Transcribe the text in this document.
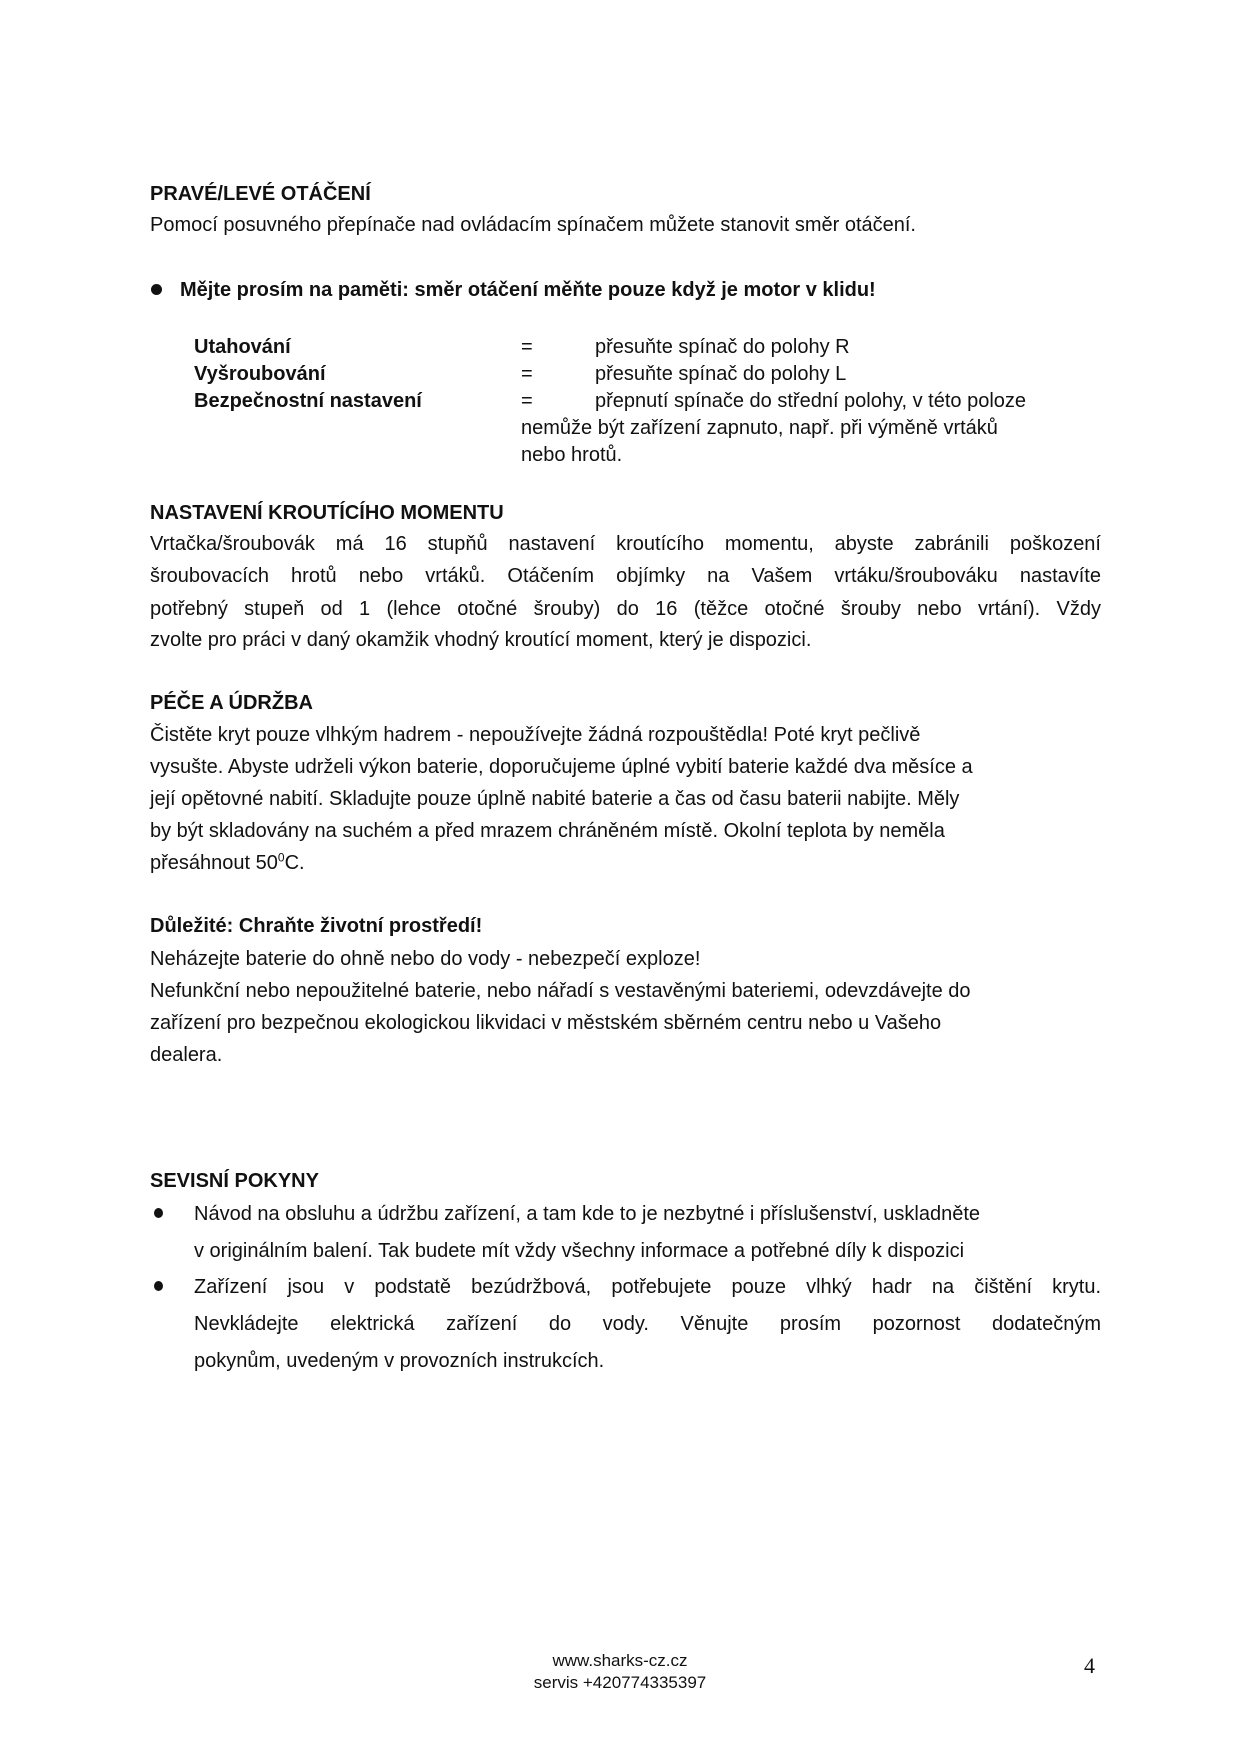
PRAVÉ/LEVÉ OTÁČENÍ
Pomocí posuvného přepínače nad ovládacím spínačem můžete stanovit směr otáčení.
Mějte prosím na paměti: směr otáčení měňte pouze když je motor v klidu!
Utahování	=	přesuňte spínač do polohy R
Vyšroubování	=	přesuňte spínač do polohy L
Bezpečnostní nastavení	=	přepnutí spínače do střední polohy, v této poloze
nemůže být zařízení zapnuto, např. při výměně vrtáků
nebo hrotů.
NASTAVENÍ KROUTÍCÍHO MOMENTU
Vrtačka/šroubovák má 16 stupňů nastavení kroutícího momentu, abyste zabránili poškození
šroubovacích hrotů nebo vrtáků. Otáčením objímky na Vašem vrtáku/šroubováku nastavíte
potřebný stupeň od 1 (lehce otočné šrouby) do 16 (těžce otočné šrouby nebo vrtání). Vždy
zvolte pro práci v daný okamžik vhodný kroutící moment, který je dispozici.
PÉČE A ÚDRŽBA
Čistěte kryt pouze vlhkým hadrem - nepoužívejte žádná rozpouštědla! Poté kryt pečlivě
vysušte. Abyste udrželi výkon baterie, doporučujeme úplné vybití baterie každé dva měsíce a
její opětovné nabití. Skladujte pouze úplně nabité baterie a čas od času baterii nabijte. Měly
by být skladovány na suchém a před mrazem chráněném místě. Okolní teplota by neměla
přesáhnout $50^0C$.
Důležité: Chraňte životní prostředí!
Neházejte baterie do ohně nebo do vody - nebezpečí exploze!
Nefunkční nebo nepoužitelné baterie, nebo nářadí s vestavěnými bateriemi, odevzdávejte do
zařízení pro bezpečnou ekologickou likvidaci v městském sběrném centru nebo u Vašeho
dealera.
SEVISNÍ POKYNY
Návod na obsluhu a údržbu zařízení, a tam kde to je nezbytné i příslušenství, uskladněte
v originálním balení. Tak budete mít vždy všechny informace a potřebné díly k dispozici
Zařízení jsou v podstatě bezúdržbová, potřebujete pouze vlhký hadr na čištění krytu.
Nevkládejte elektrická zařízení do vody. Věnujte prosím pozornost dodatečným
pokynům, uvedeným v provozních instrukcích.
www.sharks-cz.cz
servis +420774335397
4
